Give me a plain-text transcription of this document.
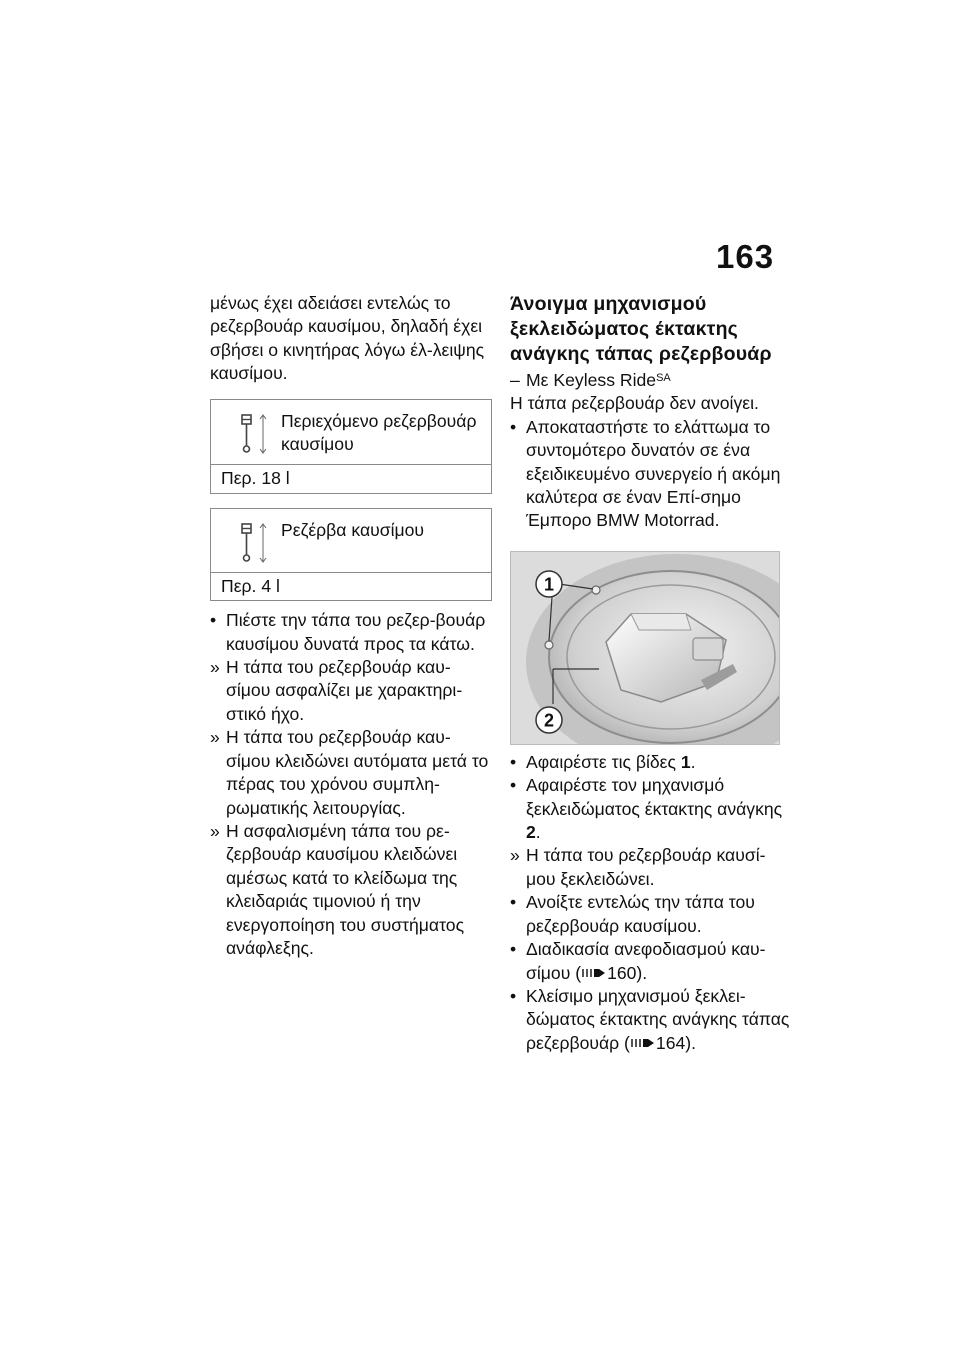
163

μένως έχει αδειάσει εντελώς το ρεζερβουάρ καυσίμου, δηλαδή έχει σβήσει ο κινητήρας λόγω έλ-λειψης καυσίμου.

Περιεχόμενο ρεζερβουάρ καυσίμου
Περ. 18 l
Ρεζέρβα καυσίμου
Περ. 4 l
• Πιέστε την τάπα του ρεζερ-βουάρ καυσίμου δυνατά προς τα κάτω.
» Η τάπα του ρεζερβουάρ καυ-σίμου ασφαλίζει με χαρακτηρι-στικό ήχο.
» Η τάπα του ρεζερβουάρ καυ-σίμου κλειδώνει αυτόματα μετά το πέρας του χρόνου συμπλη-ρωματικής λειτουργίας.
» Η ασφαλισμένη τάπα του ρε-ζερβουάρ καυσίμου κλειδώνει αμέσως κατά το κλείδωμα της κλειδαριάς τιμονιού ή την ενεργοποίηση του συστήματος ανάφλεξης.
Άνοιγμα μηχανισμού ξεκλειδώματος έκτακτης ανάγκης τάπας ρεζερβουάρ
– Με Keyless Ride$^{SA}$

Η τάπα ρεζερβουάρ δεν ανοίγει.

• Αποκαταστήστε το ελάττωμα το συντομότερο δυνατόν σε ένα εξειδικευμένο συνεργείο ή ακόμη καλύτερα σε έναν Επί-σημο Έμπορο BMW Motorrad.
1
2
• Αφαιρέστε τις βίδες 1.
• Αφαιρέστε τον μηχανισμό ξεκλειδώματος έκτακτης ανάγκης 2.
» Η τάπα του ρεζερβουάρ καυσί-μου ξεκλειδώνει.
• Ανοίξτε εντελώς την τάπα του ρεζερβουάρ καυσίμου.
• Διαδικασία ανεφοδιασμού καυ-σίμου ( 160).
• Κλείσιμο μηχανισμού ξεκλει-δώματος έκτακτης ανάγκης τάπας ρεζερβουάρ ( 164).
